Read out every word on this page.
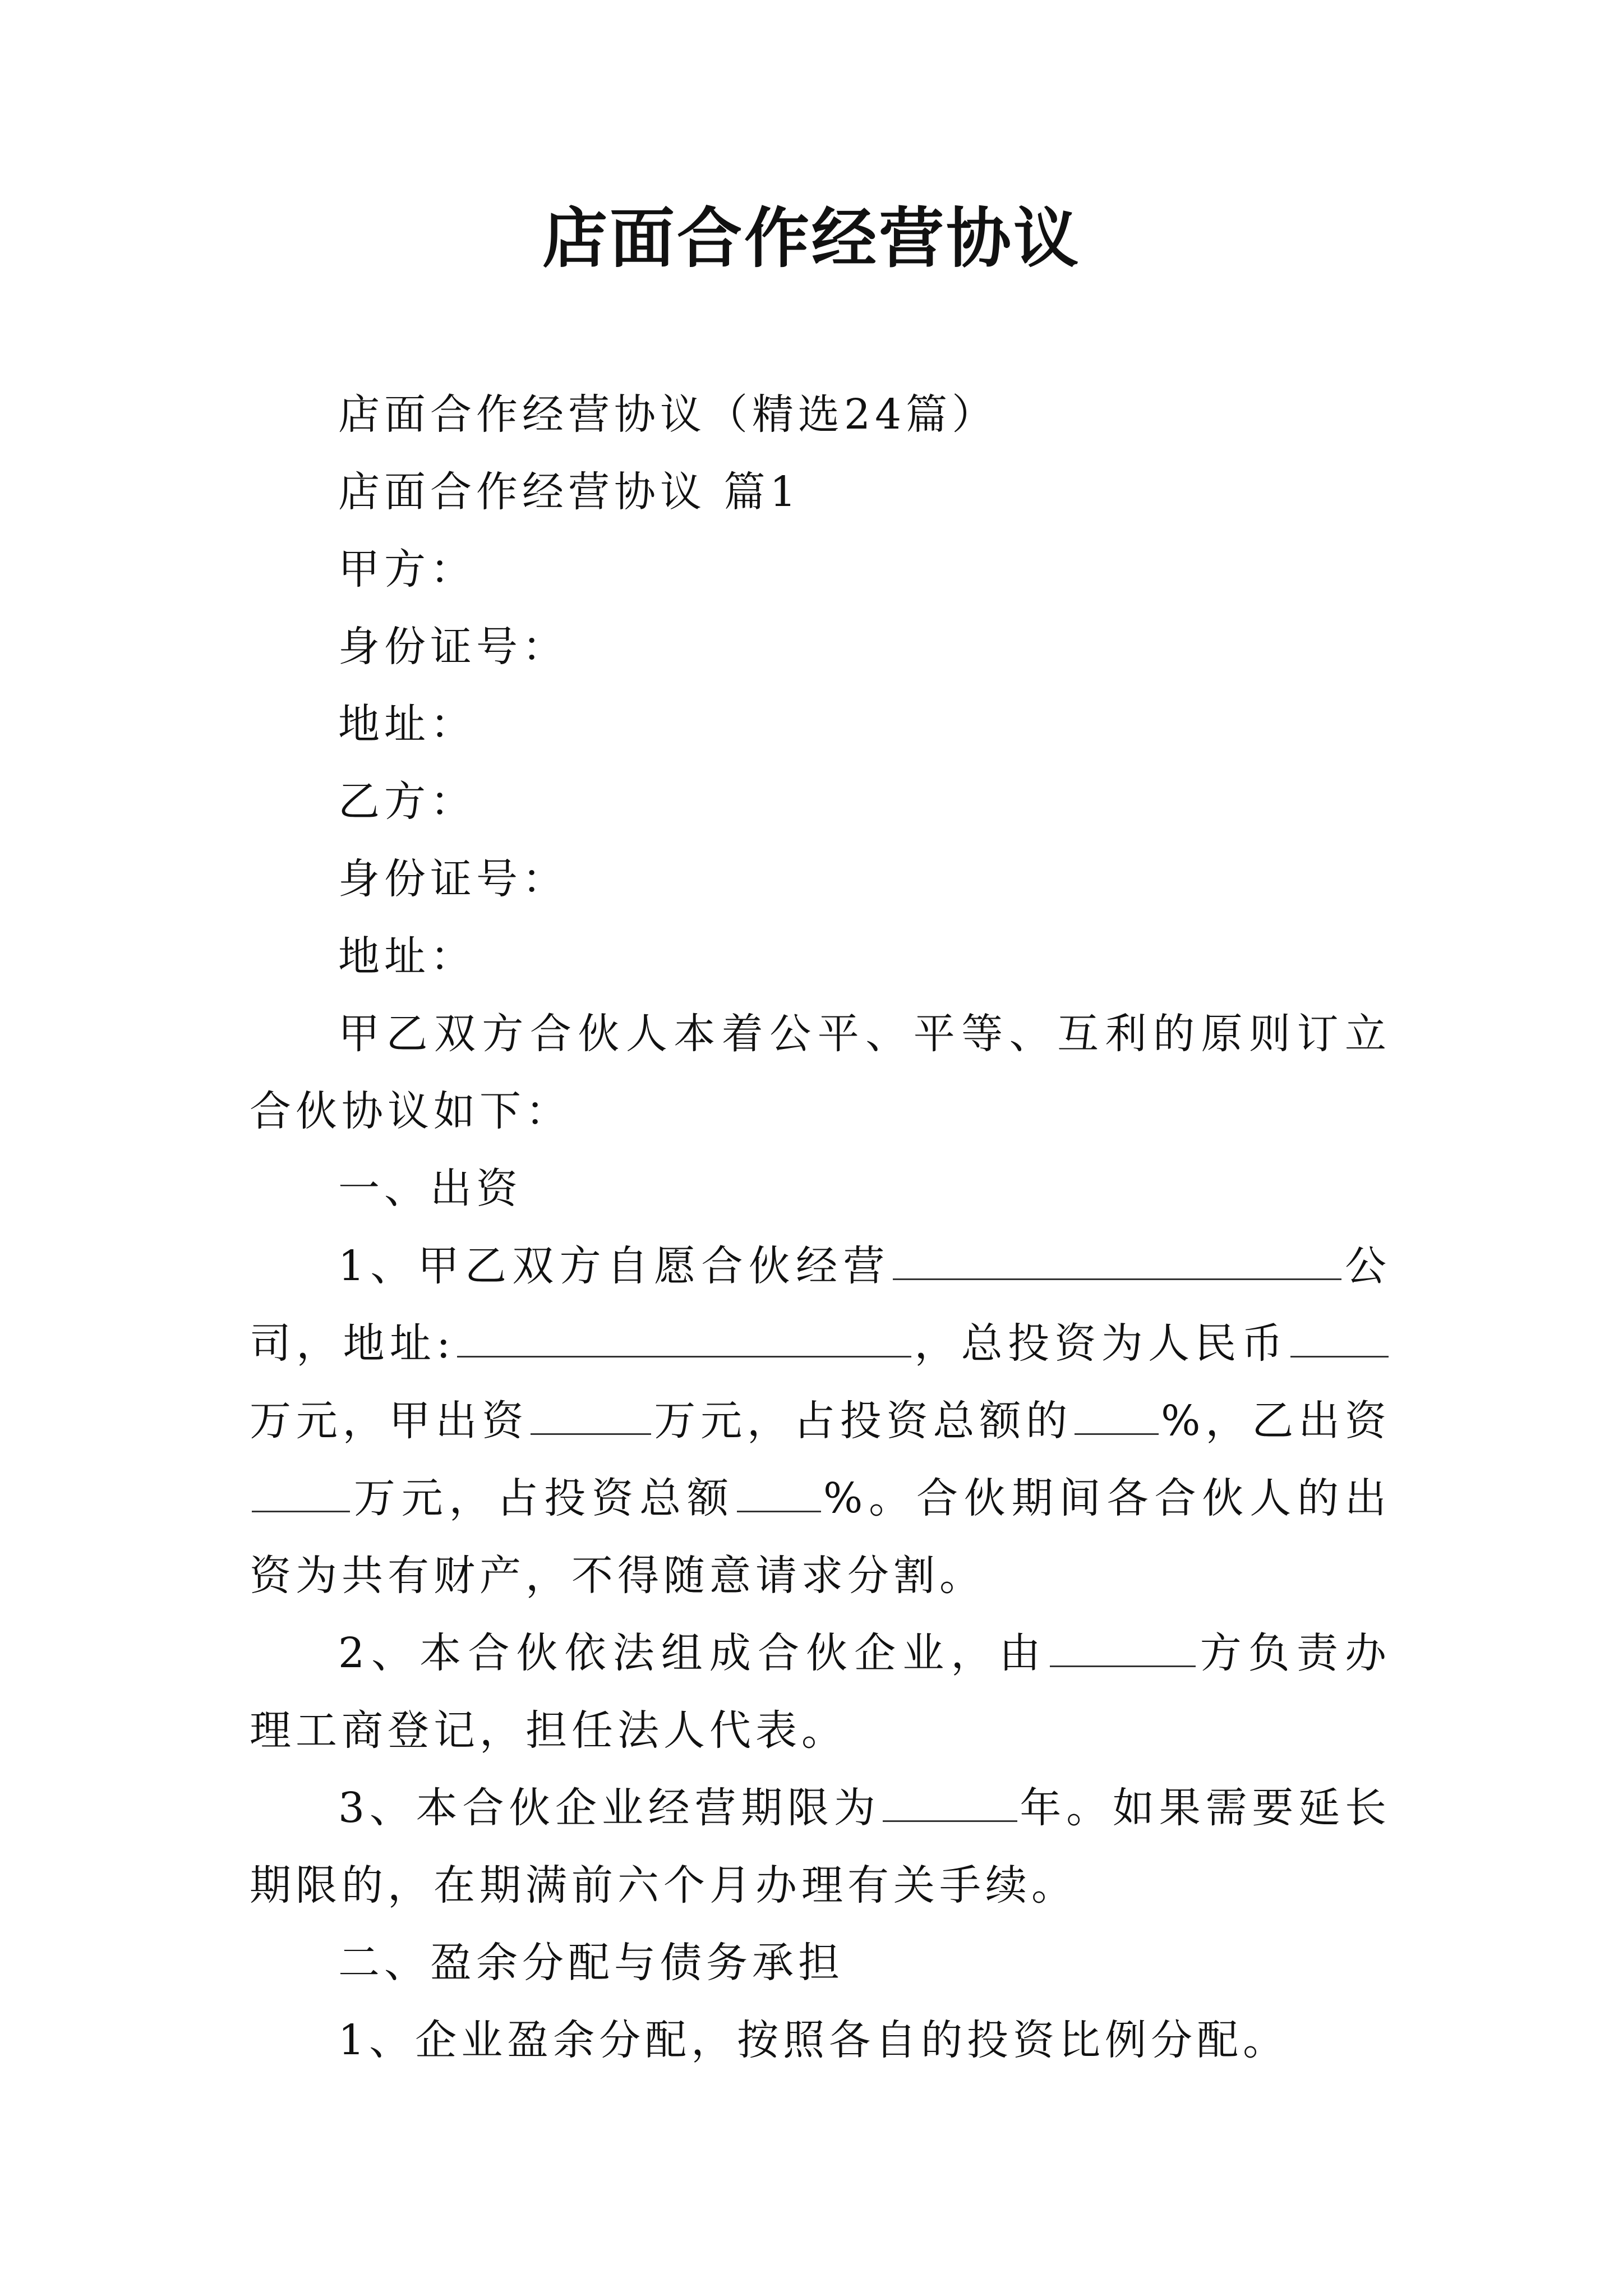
店面合作经营协议

店面合作经营协议（精选24篇）

店面合作经营协议 篇1

甲方：

身份证号：

地址：

乙方：

身份证号：

地址：

甲乙双方合伙人本着公平、平等、互利的原则订立合伙协议如下：

一、出资

1、甲乙双方自愿合伙经营	公司，地址:	，总投资为人民币万元，甲出资	万元，占投资总额的 %，乙出资万元，占投资总额 %。合伙期间各合伙人的出资为共有财产，不得随意请求分割。

2、本合伙依法组成合伙企业，由	方负责办理工商登记，担任法人代表。

3、本合伙企业经营期限为	年。如果需要延长期限的，在期满前六个月办理有关手续。

二、盈余分配与债务承担

1、企业盈余分配，按照各自的投资比例分配。
